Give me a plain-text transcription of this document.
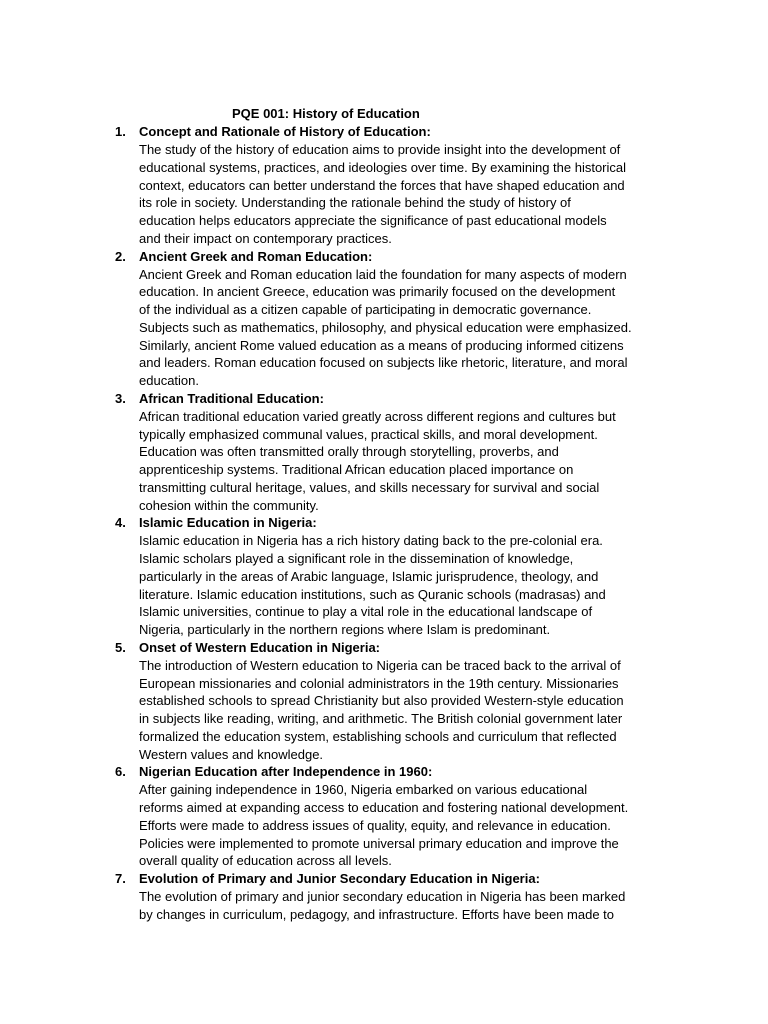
PQE 001: History of Education
1. Concept and Rationale of History of Education:
The study of the history of education aims to provide insight into the development of
educational systems, practices, and ideologies over time. By examining the historical
context, educators can better understand the forces that have shaped education and
its role in society. Understanding the rationale behind the study of history of
education helps educators appreciate the significance of past educational models
and their impact on contemporary practices.
2. Ancient Greek and Roman Education:
Ancient Greek and Roman education laid the foundation for many aspects of modern
education. In ancient Greece, education was primarily focused on the development
of the individual as a citizen capable of participating in democratic governance.
Subjects such as mathematics, philosophy, and physical education were emphasized.
Similarly, ancient Rome valued education as a means of producing informed citizens
and leaders. Roman education focused on subjects like rhetoric, literature, and moral
education.
3. African Traditional Education:
African traditional education varied greatly across different regions and cultures but
typically emphasized communal values, practical skills, and moral development.
Education was often transmitted orally through storytelling, proverbs, and
apprenticeship systems. Traditional African education placed importance on
transmitting cultural heritage, values, and skills necessary for survival and social
cohesion within the community.
4. Islamic Education in Nigeria:
Islamic education in Nigeria has a rich history dating back to the pre-colonial era.
Islamic scholars played a significant role in the dissemination of knowledge,
particularly in the areas of Arabic language, Islamic jurisprudence, theology, and
literature. Islamic education institutions, such as Quranic schools (madrasas) and
Islamic universities, continue to play a vital role in the educational landscape of
Nigeria, particularly in the northern regions where Islam is predominant.
5. Onset of Western Education in Nigeria:
The introduction of Western education to Nigeria can be traced back to the arrival of
European missionaries and colonial administrators in the 19th century. Missionaries
established schools to spread Christianity but also provided Western-style education
in subjects like reading, writing, and arithmetic. The British colonial government later
formalized the education system, establishing schools and curriculum that reflected
Western values and knowledge.
6. Nigerian Education after Independence in 1960:
After gaining independence in 1960, Nigeria embarked on various educational
reforms aimed at expanding access to education and fostering national development.
Efforts were made to address issues of quality, equity, and relevance in education.
Policies were implemented to promote universal primary education and improve the
overall quality of education across all levels.
7. Evolution of Primary and Junior Secondary Education in Nigeria:
The evolution of primary and junior secondary education in Nigeria has been marked
by changes in curriculum, pedagogy, and infrastructure. Efforts have been made to
